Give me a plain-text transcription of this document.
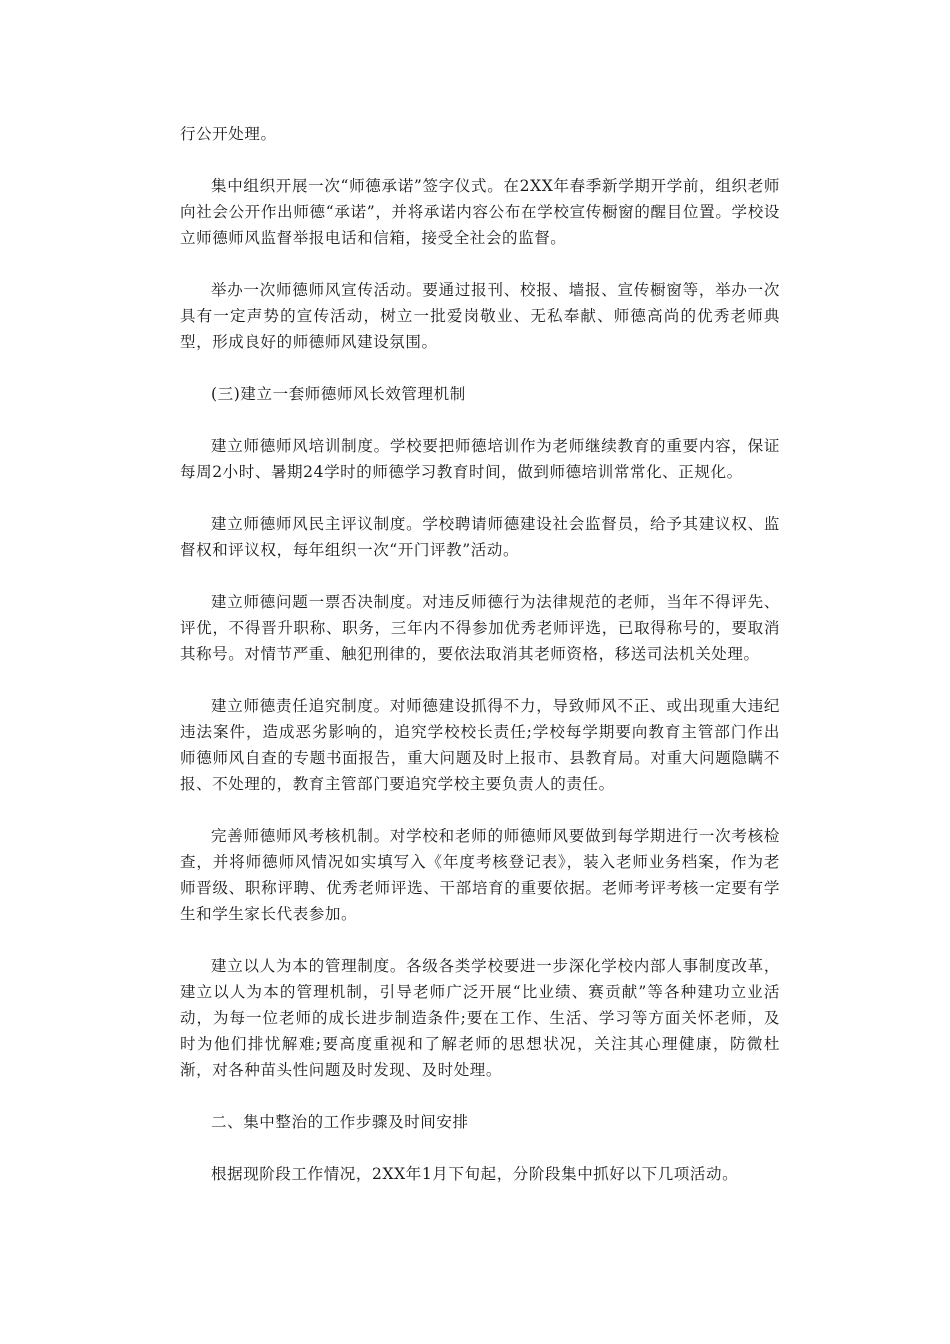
行公开处理。

集中组织开展一次“师德承诺”签字仪式。在2XX年春季新学期开学前，组织老师向社会公开作出师德“承诺”，并将承诺内容公布在学校宣传橱窗的醒目位置。学校设立师德师风监督举报电话和信箱，接受全社会的监督。

举办一次师德师风宣传活动。要通过报刊、校报、墙报、宣传橱窗等，举办一次具有一定声势的宣传活动，树立一批爱岗敬业、无私奉献、师德高尚的优秀老师典型，形成良好的师德师风建设氛围。

(三)建立一套师德师风长效管理机制

建立师德师风培训制度。学校要把师德培训作为老师继续教育的重要内容，保证每周2小时、暑期24学时的师德学习教育时间，做到师德培训常常化、正规化。

建立师德师风民主评议制度。学校聘请师德建设社会监督员，给予其建议权、监督权和评议权，每年组织一次“开门评教”活动。

建立师德问题一票否决制度。对违反师德行为法律规范的老师，当年不得评先、评优，不得晋升职称、职务，三年内不得参加优秀老师评选，已取得称号的，要取消其称号。对情节严重、触犯刑律的，要依法取消其老师资格，移送司法机关处理。

建立师德责任追究制度。对师德建设抓得不力，导致师风不正、或出现重大违纪违法案件，造成恶劣影响的，追究学校校长责任;学校每学期要向教育主管部门作出师德师风自查的专题书面报告，重大问题及时上报市、县教育局。对重大问题隐瞒不报、不处理的，教育主管部门要追究学校主要负责人的责任。

完善师德师风考核机制。对学校和老师的师德师风要做到每学期进行一次考核检查，并将师德师风情况如实填写入《年度考核登记表》，装入老师业务档案，作为老师晋级、职称评聘、优秀老师评选、干部培育的重要依据。老师考评考核一定要有学生和学生家长代表参加。

建立以人为本的管理制度。各级各类学校要进一步深化学校内部人事制度改革，建立以人为本的管理机制，引导老师广泛开展“比业绩、赛贡献”等各种建功立业活动，为每一位老师的成长进步制造条件;要在工作、生活、学习等方面关怀老师，及时为他们排忧解难;要高度重视和了解老师的思想状况，关注其心理健康，防微杜渐，对各种苗头性问题及时发现、及时处理。

二、集中整治的工作步骤及时间安排

根据现阶段工作情况，2XX年1月下旬起，分阶段集中抓好以下几项活动。
